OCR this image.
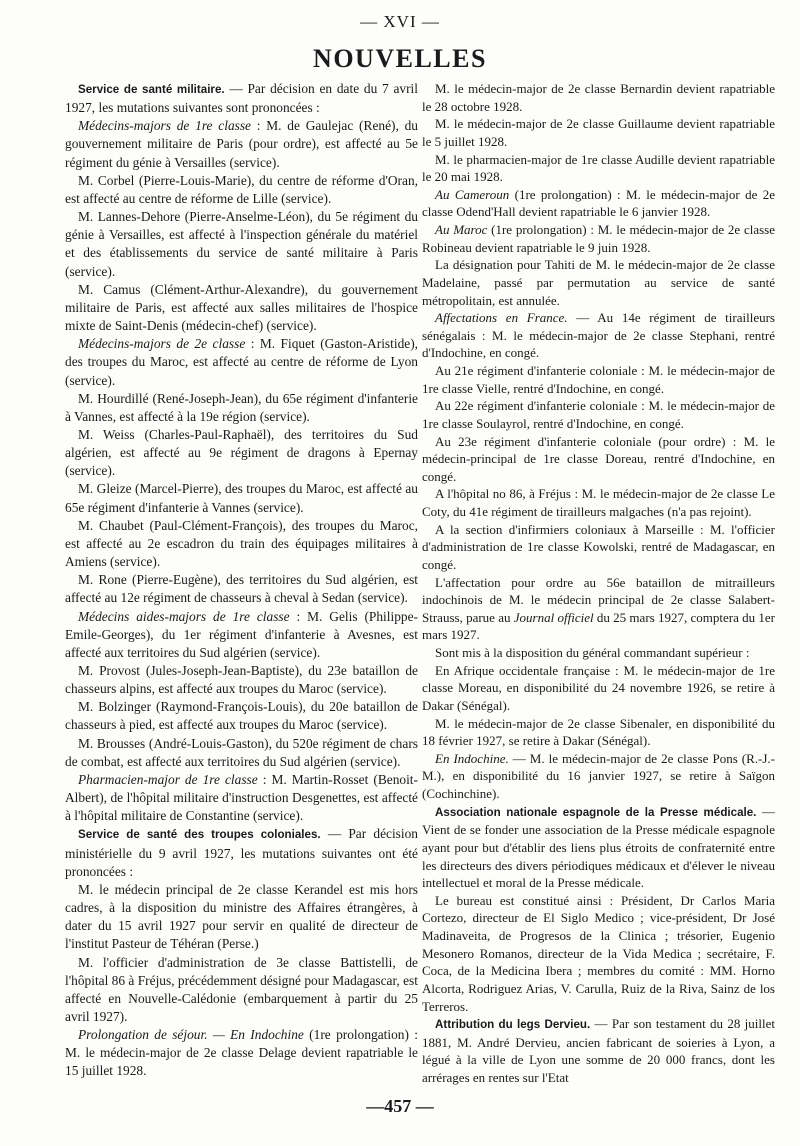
— XVI —
NOUVELLES

Service de santé militaire. — Par décision en date du 7 avril 1927, les mutations suivantes sont prononcées :

Médecins-majors de 1re classe : M. de Gaulejac (René), du gouvernement militaire de Paris (pour ordre), est affecté au 5e régiment du génie à Versailles (service).

M. Corbel (Pierre-Louis-Marie), du centre de réforme d'Oran, est affecté au centre de réforme de Lille (service).

M. Lannes-Dehore (Pierre-Anselme-Léon), du 5e régiment du génie à Versailles, est affecté à l'inspection générale du matériel et des établissements du service de santé militaire à Paris (service).

M. Camus (Clément-Arthur-Alexandre), du gouvernement militaire de Paris, est affecté aux salles militaires de l'hospice mixte de Saint-Denis (médecin-chef) (service).

Médecins-majors de 2e classe : M. Fiquet (Gaston-Aristide), des troupes du Maroc, est affecté au centre de réforme de Lyon (service).

M. Hourdillé (René-Joseph-Jean), du 65e régiment d'infanterie à Vannes, est affecté à la 19e région (service).

M. Weiss (Charles-Paul-Raphaël), des territoires du Sud algérien, est affecté au 9e régiment de dragons à Epernay (service).

M. Gleize (Marcel-Pierre), des troupes du Maroc, est affecté au 65e régiment d'infanterie à Vannes (service).

M. Chaubet (Paul-Clément-François), des troupes du Maroc, est affecté au 2e escadron du train des équipages militaires à Amiens (service).

M. Rone (Pierre-Eugène), des territoires du Sud algérien, est affecté au 12e régiment de chasseurs à cheval à Sedan (service).

Médecins aides-majors de 1re classe : M. Gelis (Philippe-Emile-Georges), du 1er régiment d'infanterie à Avesnes, est affecté aux territoires du Sud algérien (service).

M. Provost (Jules-Joseph-Jean-Baptiste), du 23e bataillon de chasseurs alpins, est affecté aux troupes du Maroc (service).

M. Bolzinger (Raymond-François-Louis), du 20e bataillon de chasseurs à pied, est affecté aux troupes du Maroc (service).

M. Brousses (André-Louis-Gaston), du 520e régiment de chars de combat, est affecté aux territoires du Sud algérien (service).

Pharmacien-major de 1re classe : M. Martin-Rosset (Benoit-Albert), de l'hôpital militaire d'instruction Desgenettes, est affecté à l'hôpital militaire de Constantine (service).

Service de santé des troupes coloniales. — Par décision ministérielle du 9 avril 1927, les mutations suivantes ont été prononcées :

M. le médecin principal de 2e classe Kerandel est mis hors cadres, à la disposition du ministre des Affaires étrangères, à dater du 15 avril 1927 pour servir en qualité de directeur de l'institut Pasteur de Téhéran (Perse.)

M. l'officier d'administration de 3e classe Battistelli, de l'hôpital 86 à Fréjus, précédemment désigné pour Madagascar, est affecté en Nouvelle-Calédonie (embarquement à partir du 25 avril 1927).

Prolongation de séjour. — En Indochine (1re prolongation) : M. le médecin-major de 2e classe Delage devient rapatriable le 15 juillet 1928.

M. le médecin-major de 2e classe Bernardin devient rapatriable le 28 octobre 1928.

M. le médecin-major de 2e classe Guillaume devient rapatriable le 5 juillet 1928.

M. le pharmacien-major de 1re classe Audille devient rapatriable le 20 mai 1928.

Au Cameroun (1re prolongation) : M. le médecin-major de 2e classe Odend'Hall devient rapatriable le 6 janvier 1928.

Au Maroc (1re prolongation) : M. le médecin-major de 2e classe Robineau devient rapatriable le 9 juin 1928.

La désignation pour Tahiti de M. le médecin-major de 2e classe Madelaine, passé par permutation au service de santé métropolitain, est annulée.

Affectations en France. — Au 14e régiment de tirailleurs sénégalais : M. le médecin-major de 2e classe Stephani, rentré d'Indochine, en congé.

Au 21e régiment d'infanterie coloniale : M. le médecin-major de 1re classe Vielle, rentré d'Indochine, en congé.

Au 22e régiment d'infanterie coloniale : M. le médecin-major de 1re classe Soulayrol, rentré d'Indochine, en congé.

Au 23e régiment d'infanterie coloniale (pour ordre) : M. le médecin-principal de 1re classe Doreau, rentré d'Indochine, en congé.

A l'hôpital no 86, à Fréjus : M. le médecin-major de 2e classe Le Coty, du 41e régiment de tirailleurs malgaches (n'a pas rejoint).

A la section d'infirmiers coloniaux à Marseille : M. l'officier d'administration de 1re classe Kowolski, rentré de Madagascar, en congé.

L'affectation pour ordre au 56e bataillon de mitrailleurs indochinois de M. le médecin principal de 2e classe Salabert-Strauss, parue au Journal officiel du 25 mars 1927, comptera du 1er mars 1927.

Sont mis à la disposition du général commandant supérieur :

En Afrique occidentale française : M. le médecin-major de 1re classe Moreau, en disponibilité du 24 novembre 1926, se retire à Dakar (Sénégal).

M. le médecin-major de 2e classe Sibenaler, en disponibilité du 18 février 1927, se retire à Dakar (Sénégal).

En Indochine. — M. le médecin-major de 2e classe Pons (R.-J.-M.), en disponibilité du 16 janvier 1927, se retire à Saïgon (Cochinchine).

Association nationale espagnole de la Presse médicale. — Vient de se fonder une association de la Presse médicale espagnole ayant pour but d'établir des liens plus étroits de confraternité entre les directeurs des divers périodiques médicaux et d'élever le niveau intellectuel et moral de la Presse médicale.

Le bureau est constitué ainsi : Président, Dr Carlos Maria Cortezo, directeur de El Siglo Medico ; vice-président, Dr José Madinaveita, de Progresos de la Clinica ; trésorier, Eugenio Mesonero Romanos, directeur de la Vida Medica ; secrétaire, F. Coca, de la Medicina Ibera ; membres du comité : MM. Horno Alcorta, Rodriguez Arias, V. Carulla, Ruiz de la Riva, Sainz de los Terreros.

Attribution du legs Dervieu. — Par son testament du 28 juillet 1881, M. André Dervieu, ancien fabricant de soieries à Lyon, a légué à la ville de Lyon une somme de 20 000 francs, dont les arrérages en rentes sur l'Etat

—457 —
